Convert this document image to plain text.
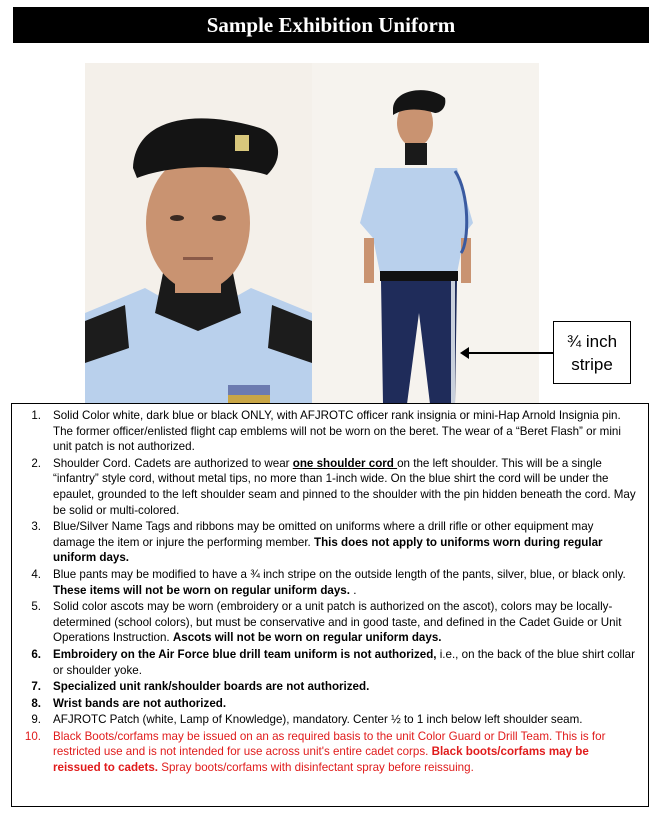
Sample Exhibition Uniform
¾ inch
stripe
1.	Solid Color white, dark blue or black ONLY, with AFJROTC officer rank insignia or mini-Hap Arnold Insignia pin. The former officer/enlisted flight cap emblems will not be worn on the beret. The wear of a “Beret Flash” or mini unit patch is not authorized.
2.	Shoulder Cord. Cadets are authorized to wear one shoulder cord on the left shoulder. This will be a single “infantry” style cord, without metal tips, no more than 1-inch wide. On the blue shirt the cord will be under the epaulet, grounded to the left shoulder seam and pinned to the shoulder with the pin hidden beneath the cord. May be solid or multi-colored.
3.	Blue/Silver Name Tags and ribbons may be omitted on uniforms where a drill rifle or other equipment may damage the item or injure the performing member. This does not apply to uniforms worn during regular uniform days.
4.	Blue pants may be modified to have a ¾ inch stripe on the outside length of the pants, silver, blue, or black only. These items will not be worn on regular uniform days. .
5.	Solid color ascots may be worn (embroidery or a unit patch is authorized on the ascot), colors may be locally-determined (school colors), but must be conservative and in good taste, and defined in the Cadet Guide or Unit Operations Instruction. Ascots will not be worn on regular uniform days.
6.	Embroidery on the Air Force blue drill team uniform is not authorized, i.e., on the back of the blue shirt collar or shoulder yoke.
7.	Specialized unit rank/shoulder boards are not authorized.
8.	Wrist bands are not authorized.
9.	AFJROTC Patch (white, Lamp of Knowledge), mandatory. Center ½ to 1 inch below left shoulder seam.
10.	Black Boots/corfams may be issued on an as required basis to the unit Color Guard or Drill Team. This is for restricted use and is not intended for use across unit's entire cadet corps. Black boots/corfams may be reissued to cadets. Spray boots/corfams with disinfectant spray before reissuing.
